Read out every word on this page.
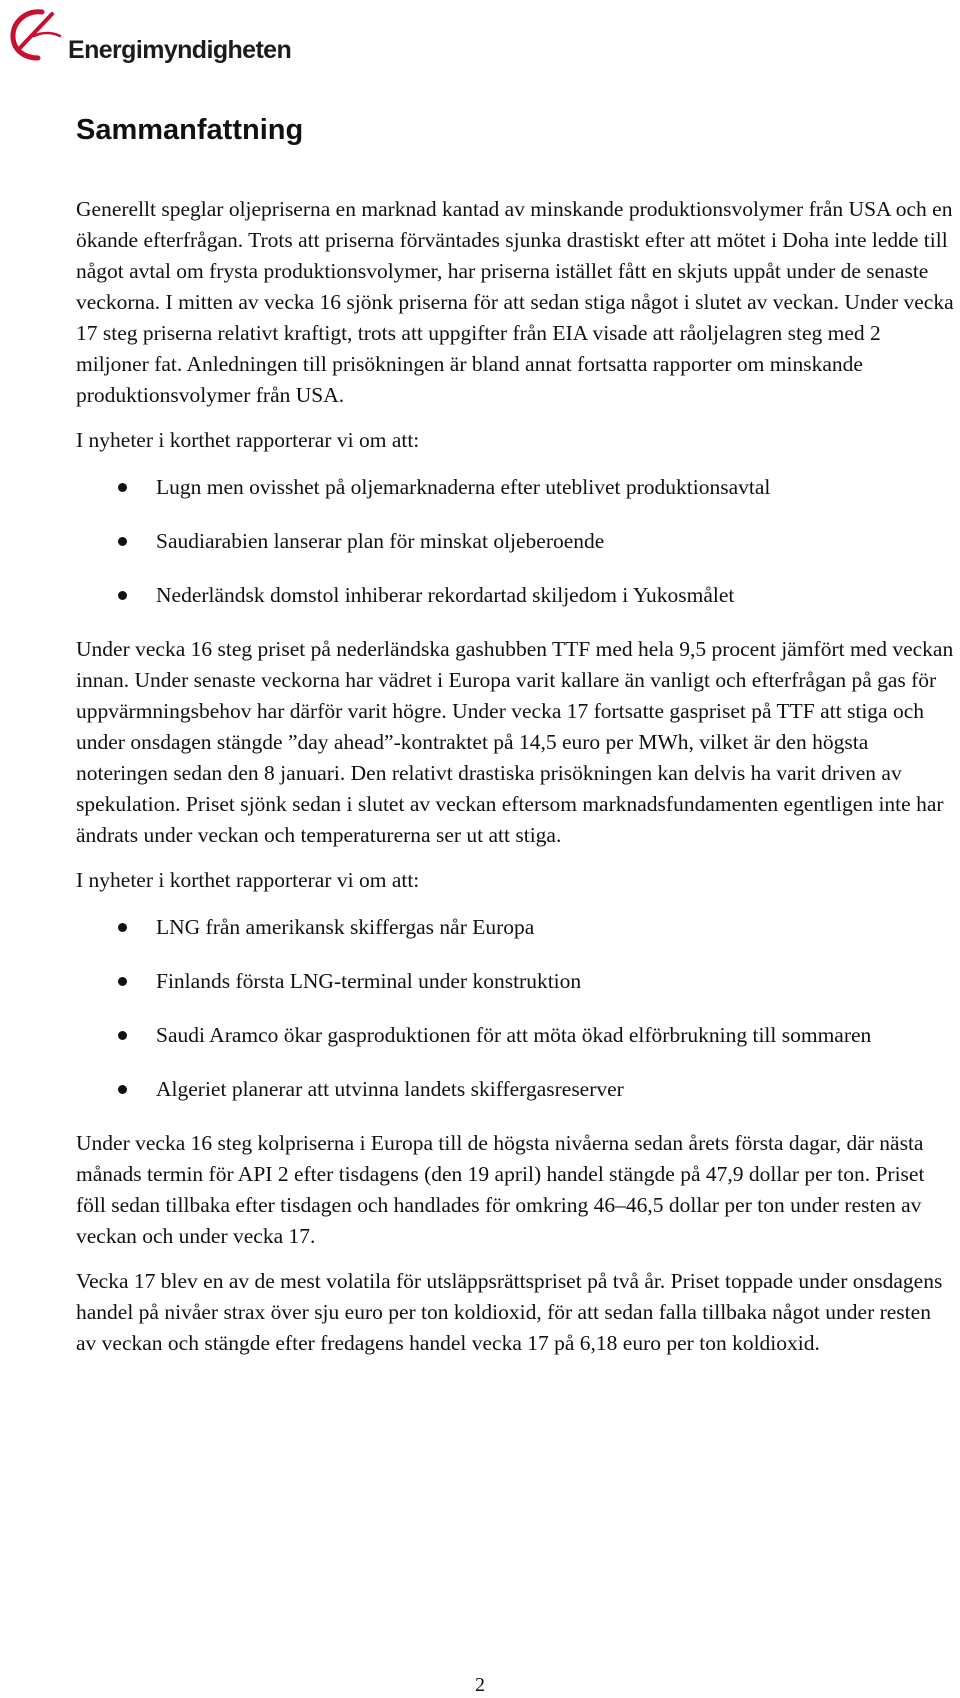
Energimyndigheten
Sammanfattning

Generellt speglar oljepriserna en marknad kantad av minskande produktionsvolymer från USA och en ökande efterfrågan. Trots att priserna förväntades sjunka drastiskt efter att mötet i Doha inte ledde till något avtal om frysta produktionsvolymer, har priserna istället fått en skjuts uppåt under de senaste veckorna. I mitten av vecka 16 sjönk priserna för att sedan stiga något i slutet av veckan. Under vecka 17 steg priserna relativt kraftigt, trots att uppgifter från EIA visade att råoljelagren steg med 2 miljoner fat. Anledningen till prisökningen är bland annat fortsatta rapporter om minskande produktionsvolymer från USA.

I nyheter i korthet rapporterar vi om att:

Lugn men ovisshet på oljemarknaderna efter uteblivet produktionsavtal
Saudiarabien lanserar plan för minskat oljeberoende
Nederländsk domstol inhiberar rekordartad skiljedom i Yukosmålet

Under vecka 16 steg priset på nederländska gashubben TTF med hela 9,5 procent jämfört med veckan innan. Under senaste veckorna har vädret i Europa varit kallare än vanligt och efterfrågan på gas för uppvärmningsbehov har därför varit högre. Under vecka 17 fortsatte gaspriset på TTF att stiga och under onsdagen stängde ”day ahead”-kontraktet på 14,5 euro per MWh, vilket är den högsta noteringen sedan den 8 januari. Den relativt drastiska prisökningen kan delvis ha varit driven av spekulation. Priset sjönk sedan i slutet av veckan eftersom marknadsfundamenten egentligen inte har ändrats under veckan och temperaturerna ser ut att stiga.

I nyheter i korthet rapporterar vi om att:

LNG från amerikansk skiffergas når Europa
Finlands första LNG-terminal under konstruktion
Saudi Aramco ökar gasproduktionen för att möta ökad elförbrukning till sommaren
Algeriet planerar att utvinna landets skiffergasreserver

Under vecka 16 steg kolpriserna i Europa till de högsta nivåerna sedan årets första dagar, där nästa månads termin för API 2 efter tisdagens (den 19 april) handel stängde på 47,9 dollar per ton. Priset föll sedan tillbaka efter tisdagen och handlades för omkring 46–46,5 dollar per ton under resten av veckan och under vecka 17.

Vecka 17 blev en av de mest volatila för utsläppsrättspriset på två år. Priset toppade under onsdagens handel på nivåer strax över sju euro per ton koldioxid, för att sedan falla tillbaka något under resten av veckan och stängde efter fredagens handel vecka 17 på 6,18 euro per ton koldioxid.

2
